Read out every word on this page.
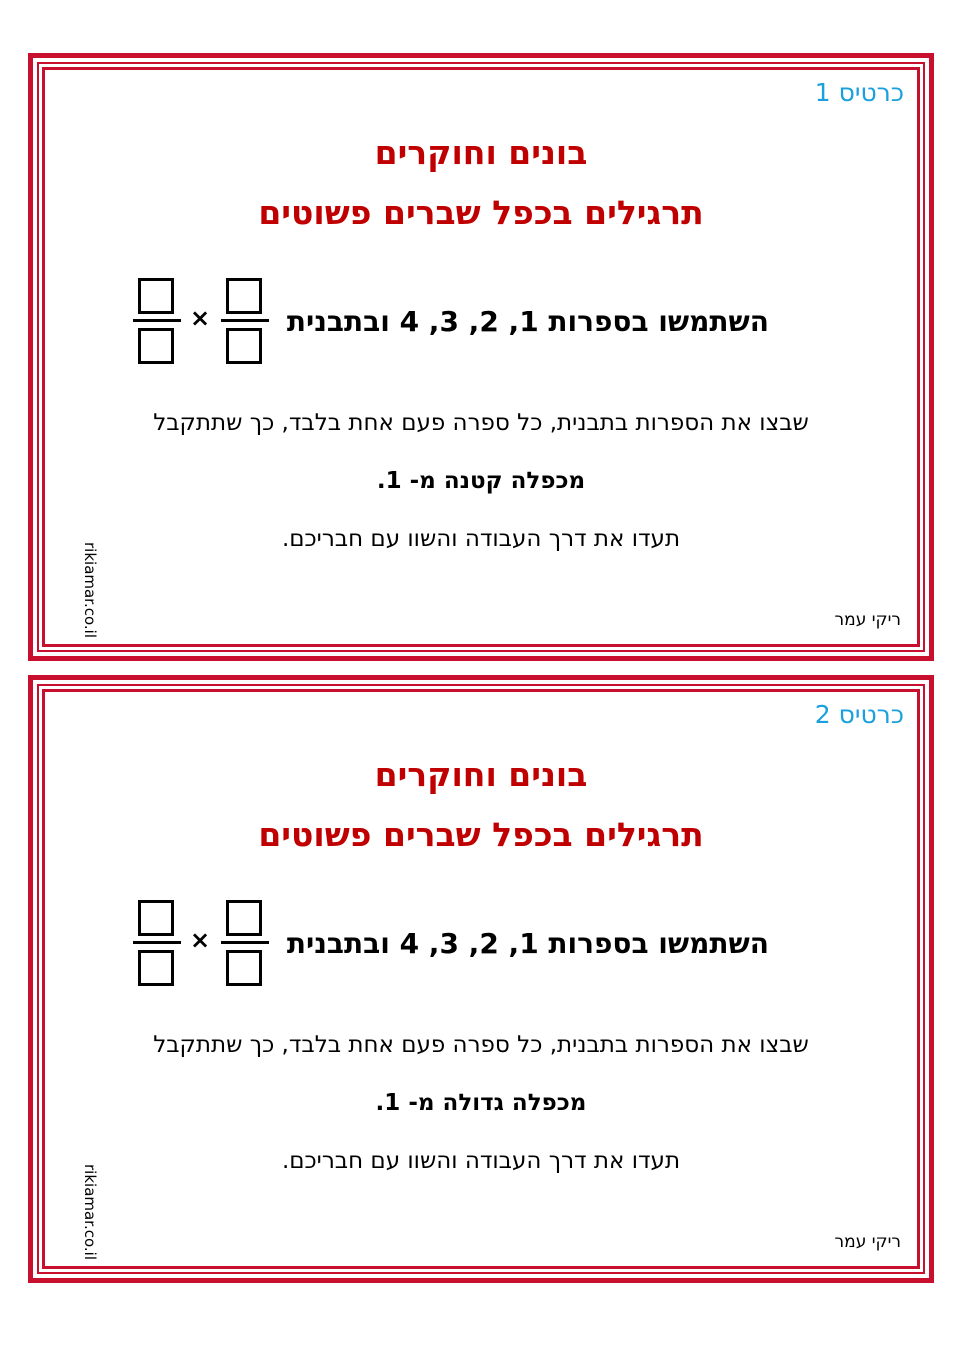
כרטיס 1
בונים וחוקרים
תרגילים בכפל שברים פשוטים
השתמשו בספרות 1, 2, 3, 4 ובתבנית
×
שבצו את הספרות בתבנית, כל ספרה פעם אחת בלבד, כך שתתקבל
מכפלה קטנה מ- 1.
תעדו את דרך העבודה והשוו עם חבריכם.
ריקי עמר
rikiamar.co.il
כרטיס 2
בונים וחוקרים
תרגילים בכפל שברים פשוטים
השתמשו בספרות 1, 2, 3, 4 ובתבנית
×
שבצו את הספרות בתבנית, כל ספרה פעם אחת בלבד, כך שתתקבל
מכפלה גדולה מ- 1.
תעדו את דרך העבודה והשוו עם חבריכם.
ריקי עמר
rikiamar.co.il
